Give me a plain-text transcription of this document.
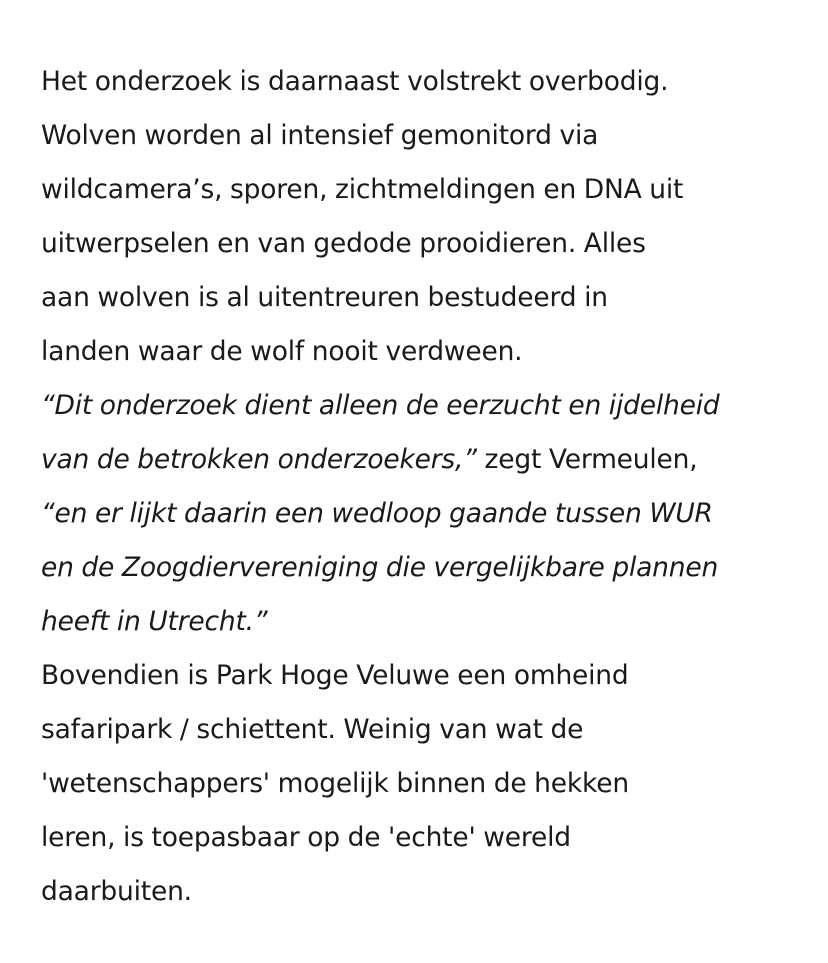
Het onderzoek is daarnaast volstrekt overbodig.
Wolven worden al intensief gemonitord via
wildcamera’s, sporen, zichtmeldingen en DNA uit
uitwerpselen en van gedode prooidieren. Alles
aan wolven is al uitentreuren bestudeerd in
landen waar de wolf nooit verdween.
“Dit onderzoek dient alleen de eerzucht en ijdelheid
van de betrokken onderzoekers,” zegt Vermeulen,
“en er lijkt daarin een wedloop gaande tussen WUR
en de Zoogdiervereniging die vergelijkbare plannen
heeft in Utrecht.”
Bovendien is Park Hoge Veluwe een omheind
safaripark / schiettent. Weinig van wat de
'wetenschappers' mogelijk binnen de hekken
leren, is toepasbaar op de 'echte' wereld
daarbuiten.
